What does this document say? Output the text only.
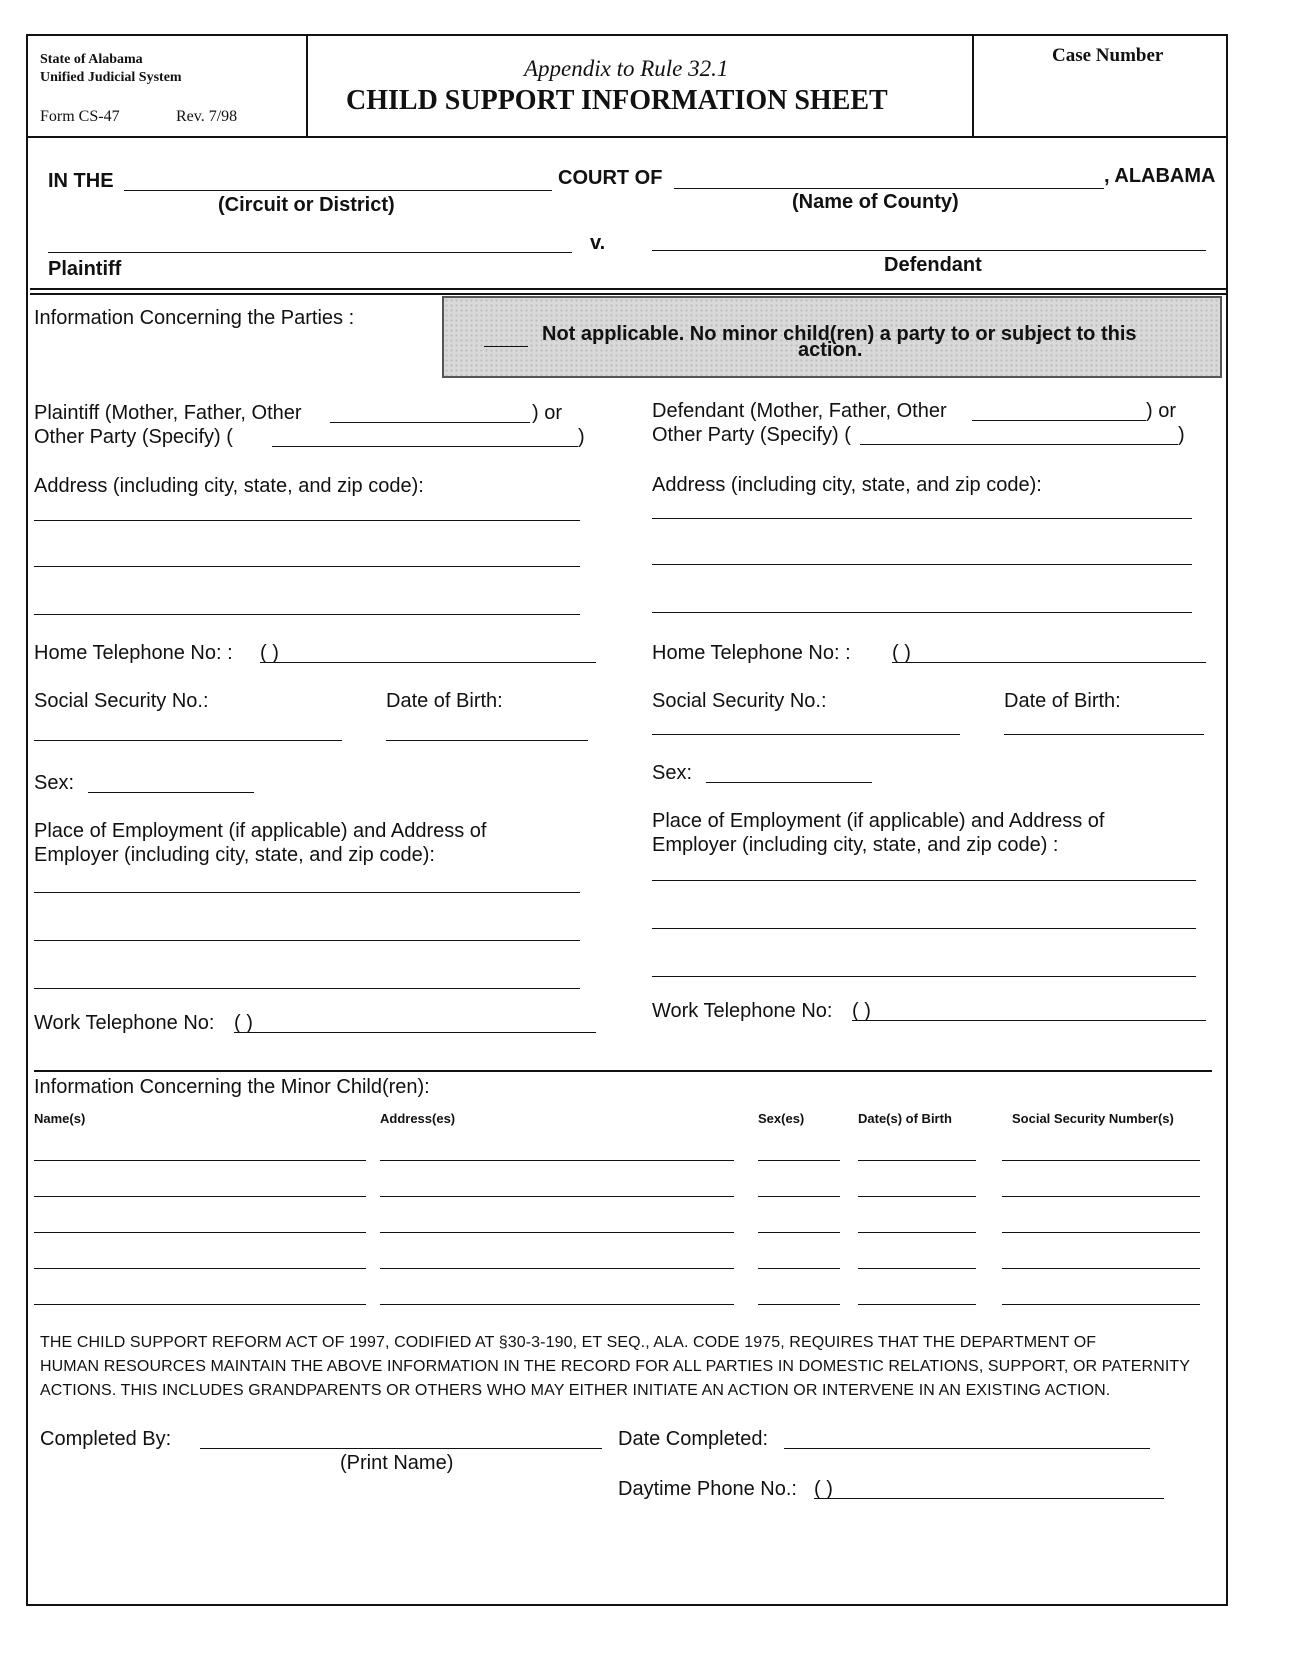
State of Alabama
Unified Judicial System
Form CS-47	Rev. 7/98
Appendix to Rule 32.1
CHILD SUPPORT INFORMATION SHEET
Case Number
IN THE	COURT OF	, ALABAMA
(Circuit or District)	(Name of County)
v.
Plaintiff	Defendant
Information Concerning the Parties :
Not applicable. No minor child(ren) a party to or subject to this
action.
Plaintiff (Mother, Father, Other	) or
Other Party (Specify) (	)
Address (including city, state, and zip code):
Home Telephone No: : ( )
Social Security No.:	Date of Birth:
Sex:
Place of Employment (if applicable) and Address of
Employer (including city, state, and zip code):
Work Telephone No: ( )
Defendant (Mother, Father, Other	) or
Other Party (Specify) (	)
Address (including city, state, and zip code):
Home Telephone No: : ( )
Social Security No.:	Date of Birth:
Sex:
Place of Employment (if applicable) and Address of
Employer (including city, state, and zip code) :
Work Telephone No: ( )
Information Concerning the Minor Child(ren):
Name(s)	Address(es)	Sex(es)	Date(s) of Birth	Social Security Number(s)
THE CHILD SUPPORT REFORM ACT OF 1997, CODIFIED AT §30-3-190, ET SEQ., ALA. CODE 1975, REQUIRES THAT THE DEPARTMENT OF
HUMAN RESOURCES MAINTAIN THE ABOVE INFORMATION IN THE RECORD FOR ALL PARTIES IN DOMESTIC RELATIONS, SUPPORT, OR PATERNITY
ACTIONS. THIS INCLUDES GRANDPARENTS OR OTHERS WHO MAY EITHER INITIATE AN ACTION OR INTERVENE IN AN EXISTING ACTION.
Completed By:
(Print Name)
Date Completed:
Daytime Phone No.: ( )
